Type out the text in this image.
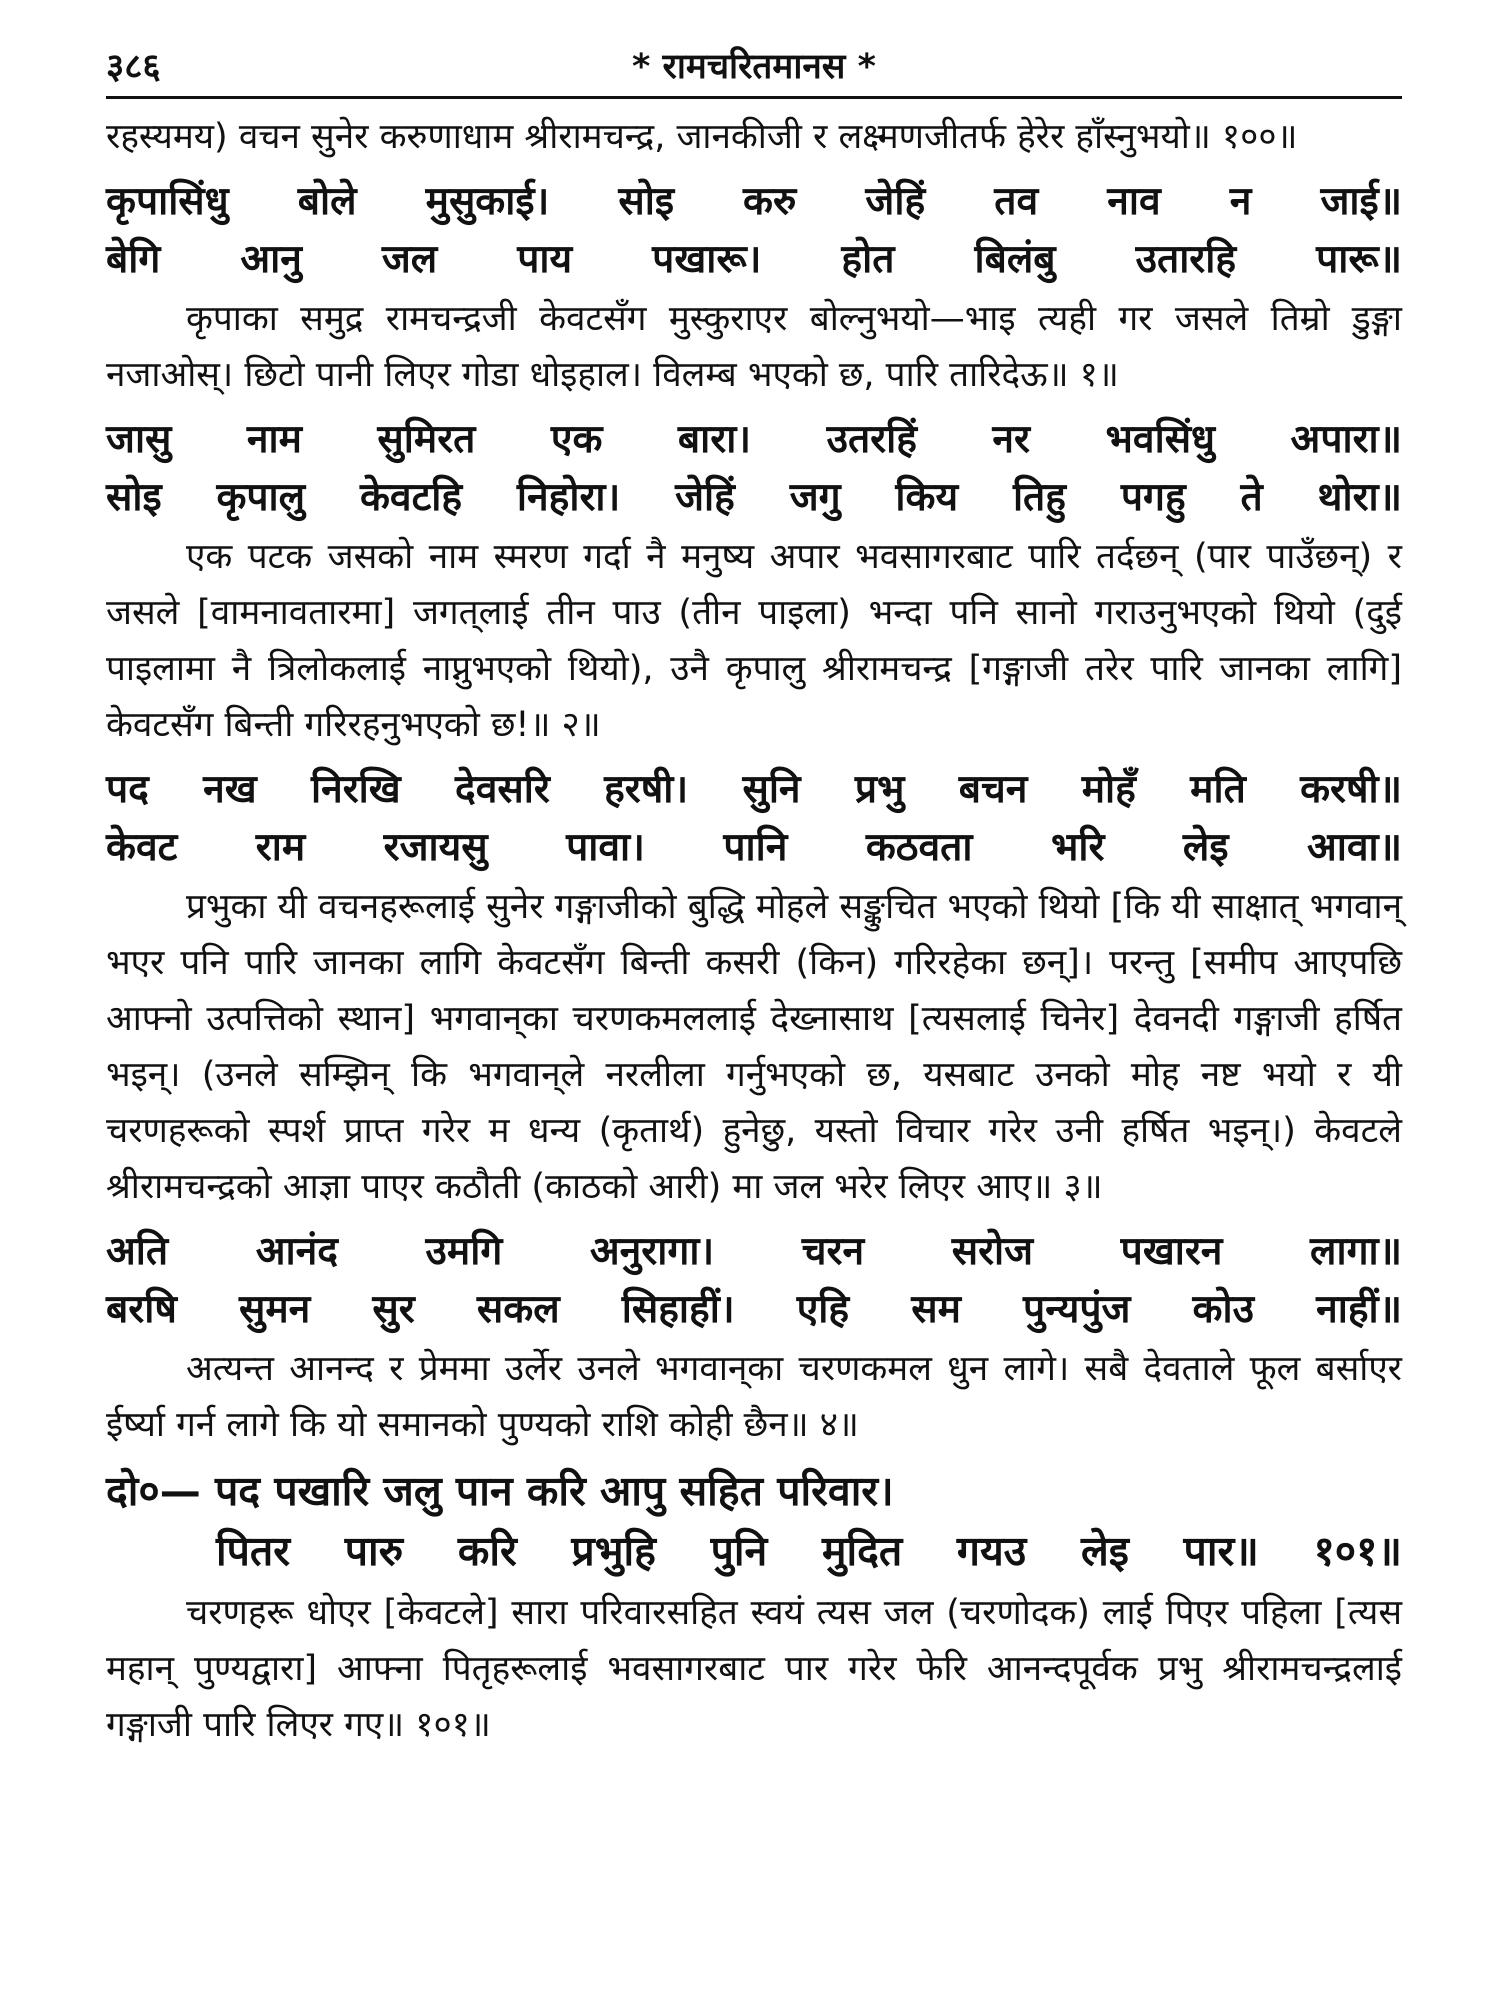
३८६	* रामचरितमानस *

रहस्यमय) वचन सुनेर करुणाधाम श्रीरामचन्द्र, जानकीजी र लक्ष्मणजीतर्फ हेरेर हाँस्नुभयो॥ १००॥

कृपासिंधु बोले मुसुकाई। सोइ करु जेहिं तव नाव न जाई॥
बेगि आनु जल पाय पखारू। होत बिलंबु उतारहि पारू॥

कृपाका समुद्र रामचन्द्रजी केवटसँग मुस्कुराएर बोल्नुभयो—भाइ त्यही गर जसले तिम्रो डुङ्गा नजाओस्। छिटो पानी लिएर गोडा धोइहाल। विलम्ब भएको छ, पारि तारिदेऊ॥ १॥

जासु नाम सुमिरत एक बारा। उतरहिं नर भवसिंधु अपारा॥
सोइ कृपालु केवटहि निहोरा। जेहिं जगु किय तिहु पगहु ते थोरा॥

एक पटक जसको नाम स्मरण गर्दा नै मनुष्य अपार भवसागरबाट पारि तर्दछन् (पार पाउँछन्) र जसले [वामनावतारमा] जगत्‌लाई तीन पाउ (तीन पाइला) भन्दा पनि सानो गराउनुभएको थियो (दुई पाइलामा नै त्रिलोकलाई नाप्नुभएको थियो), उनै कृपालु श्रीरामचन्द्र [गङ्गाजी तरेर पारि जानका लागि] केवटसँग बिन्ती गरिरहनुभएको छ!॥ २॥

पद नख निरखि देवसरि हरषी। सुनि प्रभु बचन मोहँ मति करषी॥
केवट राम रजायसु पावा। पानि कठवता भरि लेइ आवा॥

प्रभुका यी वचनहरूलाई सुनेर गङ्गाजीको बुद्धि मोहले सङ्कुचित भएको थियो [कि यी साक्षात् भगवान् भएर पनि पारि जानका लागि केवटसँग बिन्ती कसरी (किन) गरिरहेका छन्]। परन्तु [समीप आएपछि आफ्नो उत्पत्तिको स्थान] भगवान्‌का चरणकमललाई देख्नासाथ [त्यसलाई चिनेर] देवनदी गङ्गाजी हर्षित भइन्। (उनले सम्झिन् कि भगवान्‌ले नरलीला गर्नुभएको छ, यसबाट उनको मोह नष्ट भयो र यी चरणहरूको स्पर्श प्राप्त गरेर म धन्य (कृतार्थ) हुनेछु, यस्तो विचार गरेर उनी हर्षित भइन्।) केवटले श्रीरामचन्द्रको आज्ञा पाएर कठौती (काठको आरी) मा जल भरेर लिएर आए॥ ३॥

अति आनंद उमगि अनुरागा। चरन सरोज पखारन लागा॥
बरषि सुमन सुर सकल सिहाहीं। एहि सम पुन्यपुंज कोउ नाहीं॥

अत्यन्त आनन्द र प्रेममा उर्लेर उनले भगवान्‌का चरणकमल धुन लागे। सबै देवताले फूल बर्साएर ईर्ष्या गर्न लागे कि यो समानको पुण्यको राशि कोही छैन॥ ४॥

दो०— पद पखारि जलु पान करि आपु सहित परिवार।
पितर पारु करि प्रभुहि पुनि मुदित गयउ लेइ पार॥ १०१॥

चरणहरू धोएर [केवटले] सारा परिवारसहित स्वयं त्यस जल (चरणोदक) लाई पिएर पहिला [त्यस महान् पुण्यद्वारा] आफ्ना पितृहरूलाई भवसागरबाट पार गरेर फेरि आनन्दपूर्वक प्रभु श्रीरामचन्द्रलाई गङ्गाजी पारि लिएर गए॥ १०१॥
